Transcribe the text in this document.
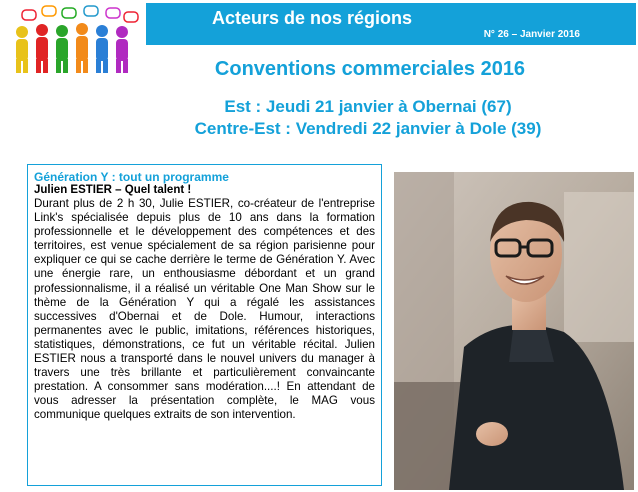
Acteurs de nos régions
N° 26 – Janvier 2016
Conventions commerciales 2016
Est : Jeudi 21 janvier à Obernai (67)
Centre-Est : Vendredi 22 janvier à Dole (39)
Génération Y : tout un programme
Julien ESTIER – Quel talent !

Durant plus de 2 h 30, Julie ESTIER, co-créateur de l'entreprise Link's spécialisée depuis plus de 10 ans dans la formation professionnelle et le développement des compétences et des territoires, est venue spécialement de sa région parisienne pour expliquer ce qui se cache derrière le terme de Génération Y. Avec une énergie rare, un enthousiasme débordant et un grand professionnalisme, il a réalisé un véritable One Man Show sur le thème de la Génération Y qui a régalé les assistances successives d'Obernai et de Dole. Humour, interactions permanentes avec le public, imitations, références historiques, statistiques, démonstrations, ce fut un véritable récital. Julien ESTIER nous a transporté dans le nouvel univers du manager à travers une très brillante et particulièrement convaincante prestation. A consommer sans modération....! En attendant de vous adresser la présentation complète, le MAG vous communique quelques extraits de son intervention.
